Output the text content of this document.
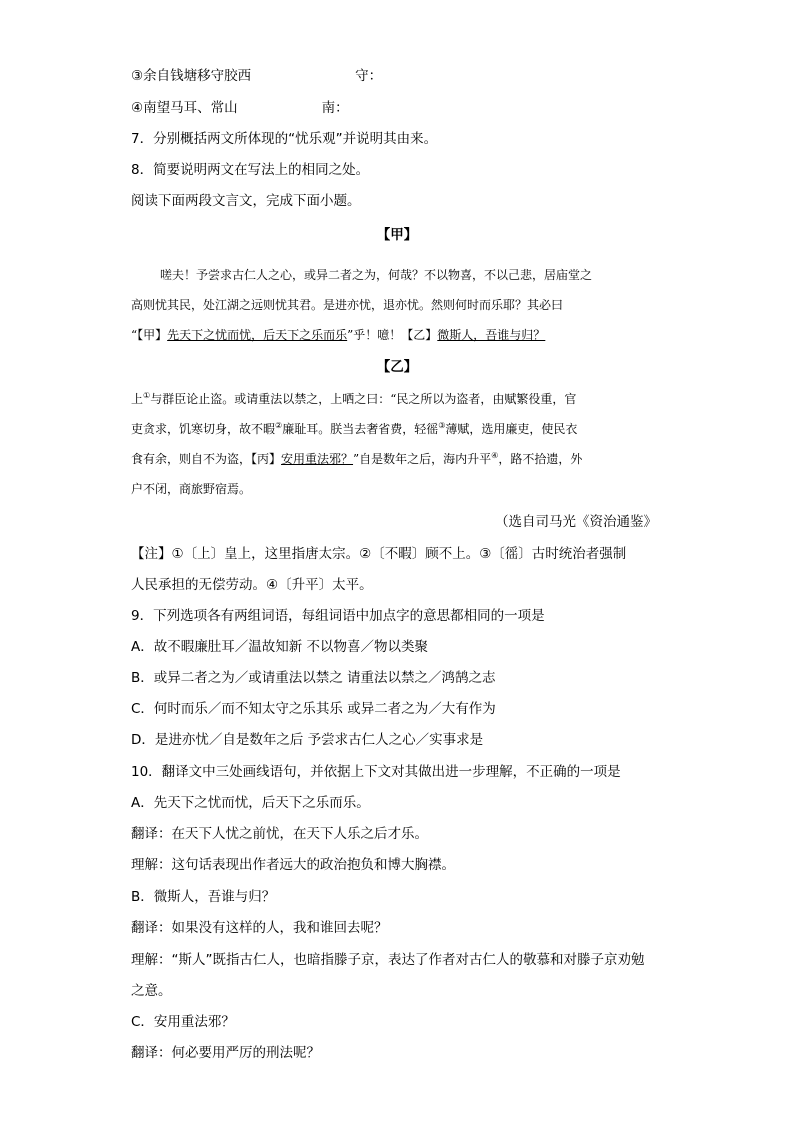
③余自钱塘移守胶西	守：
④南望马耳、常山	南：
7．分别概括两文所体现的“忧乐观”并说明其由来。
8．简要说明两文在写法上的相同之处。
阅读下面两段文言文，完成下面小题。
【甲】
嗟夫！予尝求古仁人之心，或异二者之为，何哉？不以物喜，不以己悲，居庙堂之
高则忧其民，处江湖之远则忧其君。是进亦忧，退亦忧。然则何时而乐耶？其必曰
“【甲】先天下之忧而忧，后天下之乐而乐”乎！噫！【乙】微斯人，吾谁与归？
【乙】
上①与群臣论止盗。或请重法以禁之，上哂之曰：“民之所以为盗者，由赋繁役重，官
吏贪求，饥寒切身，故不暇②廉耻耳。朕当去奢省费，轻徭③薄赋，选用廉吏，使民衣
食有余，则自不为盗，【丙】安用重法邪？”自是数年之后，海内升平④，路不拾遗，外
户不闭，商旅野宿焉。
（选自司马光《资治通鉴》
【注】①〔上〕皇上，这里指唐太宗。②〔不暇〕顾不上。③〔徭〕古时统治者强制
人民承担的无偿劳动。④〔升平〕太平。
9．下列选项各有两组词语，每组词语中加点字的意思都相同的一项是
A．故不暇廉肚耳／温故知新 不以物喜／物以类聚
B．或异二者之为／或请重法以禁之 请重法以禁之／鸿鹄之志
C．何时而乐／而不知太守之乐其乐 或异二者之为／大有作为
D．是进亦忧／自是数年之后 予尝求古仁人之心／实事求是
10．翻译文中三处画线语句，并依据上下文对其做出进一步理解，不正确的一项是
A．先天下之忧而忧，后天下之乐而乐。
翻译：在天下人忧之前忧，在天下人乐之后才乐。
理解：这句话表现出作者远大的政治抱负和博大胸襟。
B．微斯人，吾谁与归？
翻译：如果没有这样的人，我和谁回去呢？
理解：“斯人”既指古仁人，也暗指滕子京，表达了作者对古仁人的敬慕和对滕子京劝勉
之意。
C．安用重法邪？
翻译：何必要用严厉的刑法呢？
